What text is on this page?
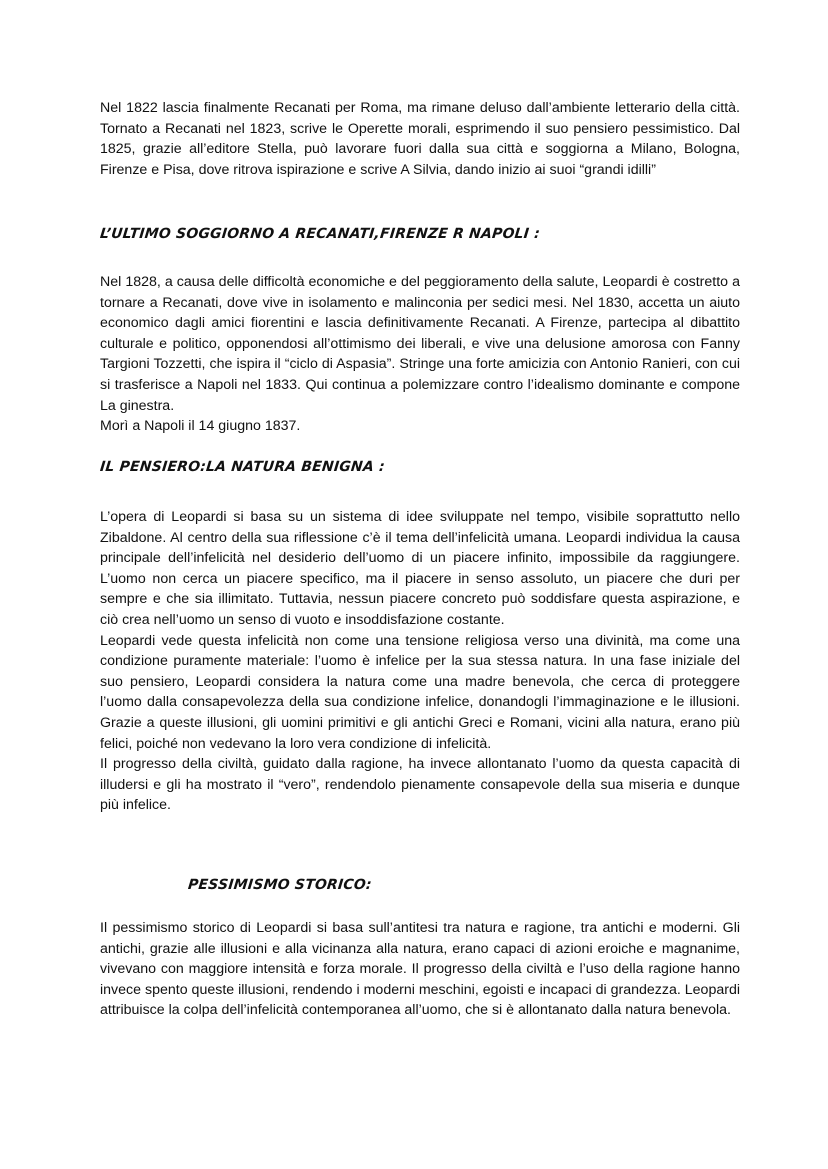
Nel 1822 lascia finalmente Recanati per Roma, ma rimane deluso dall’ambiente letterario della città. Tornato a Recanati nel 1823, scrive le Operette morali, esprimendo il suo pensiero pessimistico. Dal 1825, grazie all’editore Stella, può lavorare fuori dalla sua città e soggiorna a Milano, Bologna, Firenze e Pisa, dove ritrova ispirazione e scrive A Silvia, dando inizio ai suoi “grandi idilli”

L’ULTIMO SOGGIORNO A RECANATI,FIRENZE R NAPOLI :

Nel 1828, a causa delle difficoltà economiche e del peggioramento della salute, Leopardi è costretto a tornare a Recanati, dove vive in isolamento e malinconia per sedici mesi. Nel 1830, accetta un aiuto economico dagli amici fiorentini e lascia definitivamente Recanati. A Firenze, partecipa al dibattito culturale e politico, opponendosi all’ottimismo dei liberali, e vive una delusione amorosa con Fanny Targioni Tozzetti, che ispira il “ciclo di Aspasia”. Stringe una forte amicizia con Antonio Ranieri, con cui si trasferisce a Napoli nel 1833. Qui continua a polemizzare contro l’idealismo dominante e compone La ginestra.

Morì a Napoli il 14 giugno 1837.

IL PENSIERO:LA NATURA BENIGNA :

L’opera di Leopardi si basa su un sistema di idee sviluppate nel tempo, visibile soprattutto nello Zibaldone. Al centro della sua riflessione c’è il tema dell’infelicità umana. Leopardi individua la causa principale dell’infelicità nel desiderio dell’uomo di un piacere infinito, impossibile da raggiungere. L’uomo non cerca un piacere specifico, ma il piacere in senso assoluto, un piacere che duri per sempre e che sia illimitato. Tuttavia, nessun piacere concreto può soddisfare questa aspirazione, e ciò crea nell’uomo un senso di vuoto e insoddisfazione costante.

Leopardi vede questa infelicità non come una tensione religiosa verso una divinità, ma come una condizione puramente materiale: l’uomo è infelice per la sua stessa natura. In una fase iniziale del suo pensiero, Leopardi considera la natura come una madre benevola, che cerca di proteggere l’uomo dalla consapevolezza della sua condizione infelice, donandogli l’immaginazione e le illusioni. Grazie a queste illusioni, gli uomini primitivi e gli antichi Greci e Romani, vicini alla natura, erano più felici, poiché non vedevano la loro vera condizione di infelicità.

Il progresso della civiltà, guidato dalla ragione, ha invece allontanato l’uomo da questa capacità di illudersi e gli ha mostrato il “vero”, rendendolo pienamente consapevole della sua miseria e dunque più infelice.

PESSIMISMO STORICO:

Il pessimismo storico di Leopardi si basa sull’antitesi tra natura e ragione, tra antichi e moderni. Gli antichi, grazie alle illusioni e alla vicinanza alla natura, erano capaci di azioni eroiche e magnanime, vivevano con maggiore intensità e forza morale. Il progresso della civiltà e l’uso della ragione hanno invece spento queste illusioni, rendendo i moderni meschini, egoisti e incapaci di grandezza. Leopardi attribuisce la colpa dell’infelicità contemporanea all’uomo, che si è allontanato dalla natura benevola.
